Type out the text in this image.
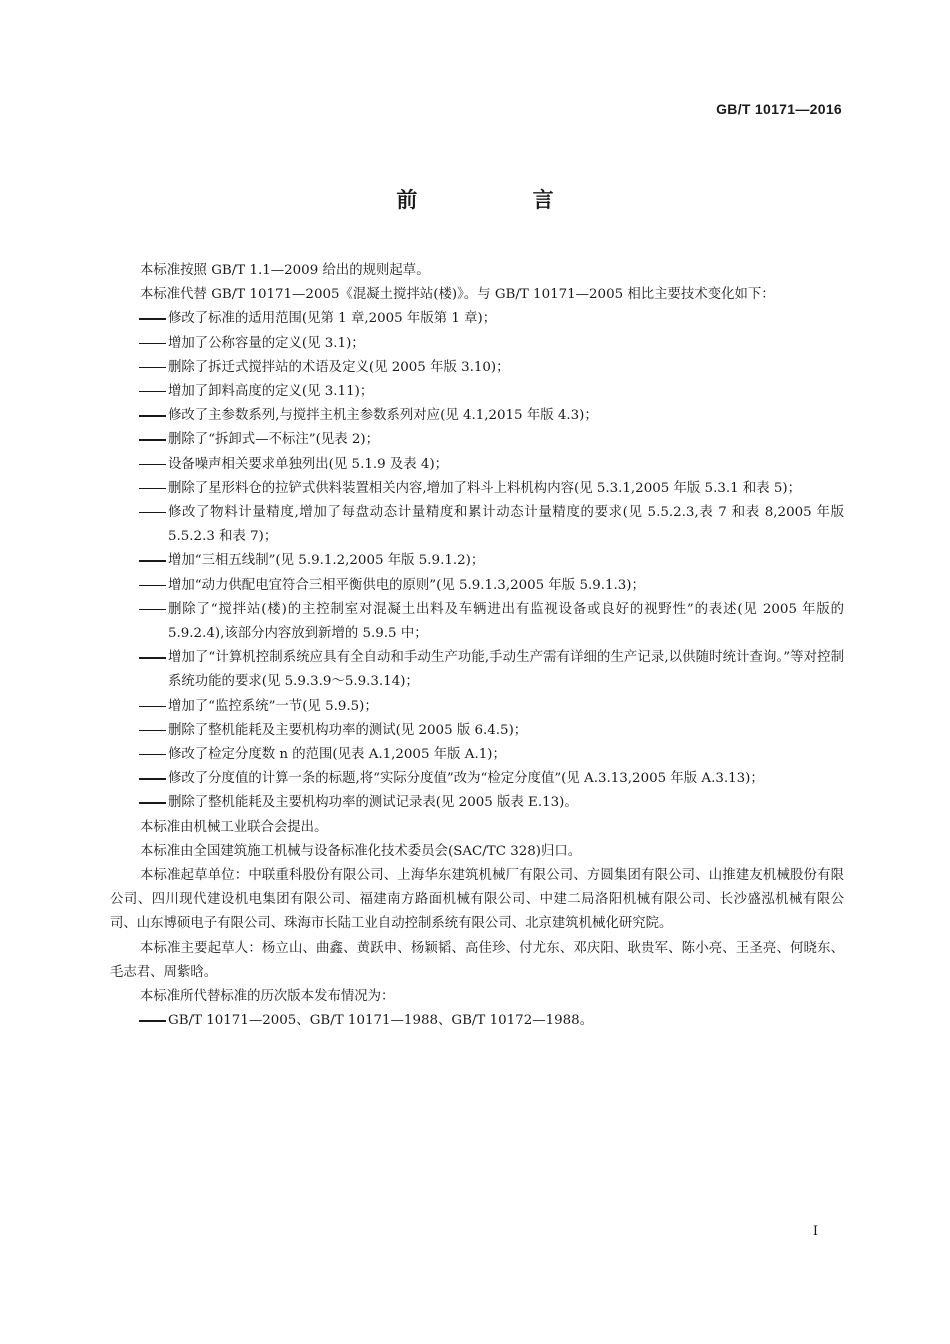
GB/T 10171—2016
前 言

本标准按照 GB/T 1.1—2009 给出的规则起草。

本标准代替 GB/T 10171—2005《混凝土搅拌站(楼)》。与 GB/T 10171—2005 相比主要技术变化如下：

修改了标准的适用范围(见第 1 章,2005 年版第 1 章)；

增加了公称容量的定义(见 3.1)；

删除了拆迁式搅拌站的术语及定义(见 2005 年版 3.10)；

增加了卸料高度的定义(见 3.11)；

修改了主参数系列,与搅拌主机主参数系列对应(见 4.1,2015 年版 4.3)；

删除了“拆卸式—不标注”(见表 2)；

设备噪声相关要求单独列出(见 5.1.9 及表 4)；

删除了星形料仓的拉铲式供料装置相关内容,增加了料斗上料机构内容(见 5.3.1,2005 年版 5.3.1 和表 5)；

修改了物料计量精度,增加了每盘动态计量精度和累计动态计量精度的要求(见 5.5.2.3,表 7 和表 8,2005 年版 5.5.2.3 和表 7)；

增加“三相五线制”(见 5.9.1.2,2005 年版 5.9.1.2)；

增加“动力供配电宜符合三相平衡供电的原则”(见 5.9.1.3,2005 年版 5.9.1.3)；

删除了“搅拌站(楼)的主控制室对混凝土出料及车辆进出有监视设备或良好的视野性”的表述(见 2005 年版的 5.9.2.4),该部分内容放到新增的 5.9.5 中；

增加了“计算机控制系统应具有全自动和手动生产功能,手动生产需有详细的生产记录,以供随时统计查询。”等对控制系统功能的要求(见 5.9.3.9～5.9.3.14)；

增加了“监控系统”一节(见 5.9.5)；

删除了整机能耗及主要机构功率的测试(见 2005 版 6.4.5)；

修改了检定分度数 n 的范围(见表 A.1,2005 年版 A.1)；

修改了分度值的计算一条的标题,将“实际分度值”改为“检定分度值”(见 A.3.13,2005 年版 A.3.13)；

删除了整机能耗及主要机构功率的测试记录表(见 2005 版表 E.13)。

本标准由机械工业联合会提出。

本标准由全国建筑施工机械与设备标准化技术委员会(SAC/TC 328)归口。

本标准起草单位：中联重科股份有限公司、上海华东建筑机械厂有限公司、方圆集团有限公司、山推建友机械股份有限公司、四川现代建设机电集团有限公司、福建南方路面机械有限公司、中建二局洛阳机械有限公司、长沙盛泓机械有限公司、山东博硕电子有限公司、珠海市长陆工业自动控制系统有限公司、北京建筑机械化研究院。

本标准主要起草人：杨立山、曲鑫、黄跃申、杨颖韬、高佳珍、付尤东、邓庆阳、耿贵军、陈小亮、王圣亮、何晓东、毛志君、周紫晗。

本标准所代替标准的历次版本发布情况为：

GB/T 10171—2005、GB/T 10171—1988、GB/T 10172—1988。

I
